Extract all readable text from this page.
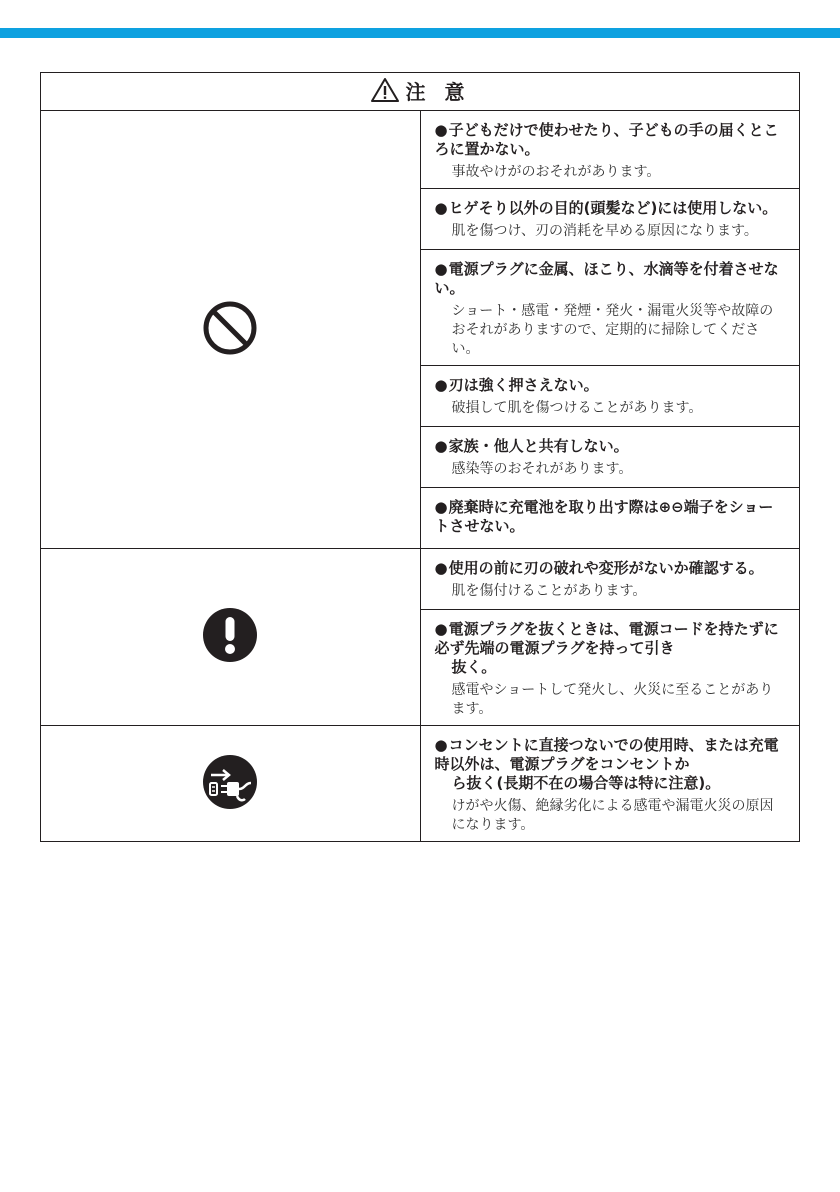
注 意	

●子どもだけで使わせたり、子どもの手の届くところに置かない。

事故やけがのおそれがあります。

	●ヒゲそり以外の目的(頭髪など)には使用しない。

肌を傷つけ、刃の消耗を早める原因になります。

	●電源プラグに金属、ほこり、水滴等を付着させない。

ショート・感電・発煙・発火・漏電火災等や故障のおそれがありますので、定期的に掃除してください。

	●刃は強く押さえない。

破損して肌を傷つけることがあります。

	●家族・他人と共有しない。

感染等のおそれがあります。

	●廃棄時に充電池を取り出す際は⊕⊖端子をショートさせない。

●使用の前に刃の破れや変形がないか確認する。

肌を傷付けることがあります。

	●電源プラグを抜くときは、電源コードを持たずに必ず先端の電源プラグを持って引き
抜く。

感電やショートして発火し、火災に至ることがあります。

●コンセントに直接つないでの使用時、または充電時以外は、電源プラグをコンセントか
ら抜く(長期不在の場合等は特に注意)。

けがや火傷、絶縁劣化による感電や漏電火災の原因になります。
